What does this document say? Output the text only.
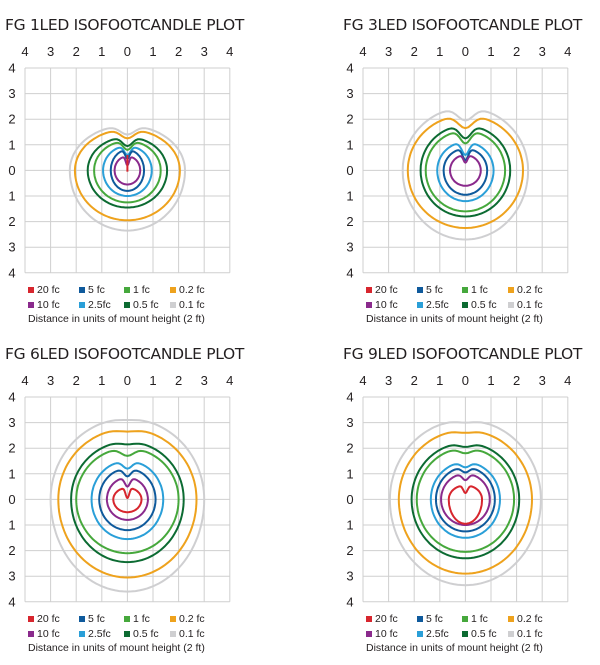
FG 1LED ISOFOOTCANDLE PLOT
4 3 2 1 0 1 2 3 4
4
3
2
1
0
1
2
3
4
20 fc	5 fc	1 fc	0.2 fc
10 fc	2.5fc 0.5 fc 0.1 fc
Distance in units of mount height (2 ft)
FG 3LED ISOFOOTCANDLE PLOT
4 3 2 1 0 1 2 3 4
4
3
2
1
0
1
2
3
4
20 fc	5 fc	1 fc	0.2 fc
10 fc	2.5fc 0.5 fc 0.1 fc
Distance in units of mount height (2 ft)
FG 6LED ISOFOOTCANDLE PLOT
4 3 2 1 0 1 2 3 4
4
3
2
1
0
1
2
3
4
20 fc	5 fc	1 fc	0.2 fc
10 fc	2.5fc 0.5 fc 0.1 fc
Distance in units of mount height (2 ft)
FG 9LED ISOFOOTCANDLE PLOT
4 3 2 1 0 1 2 3 4
4
3
2
1
0
1
2
3
4
20 fc	5 fc	1 fc	0.2 fc
10 fc	2.5fc 0.5 fc 0.1 fc
Distance in units of mount height (2 ft)
